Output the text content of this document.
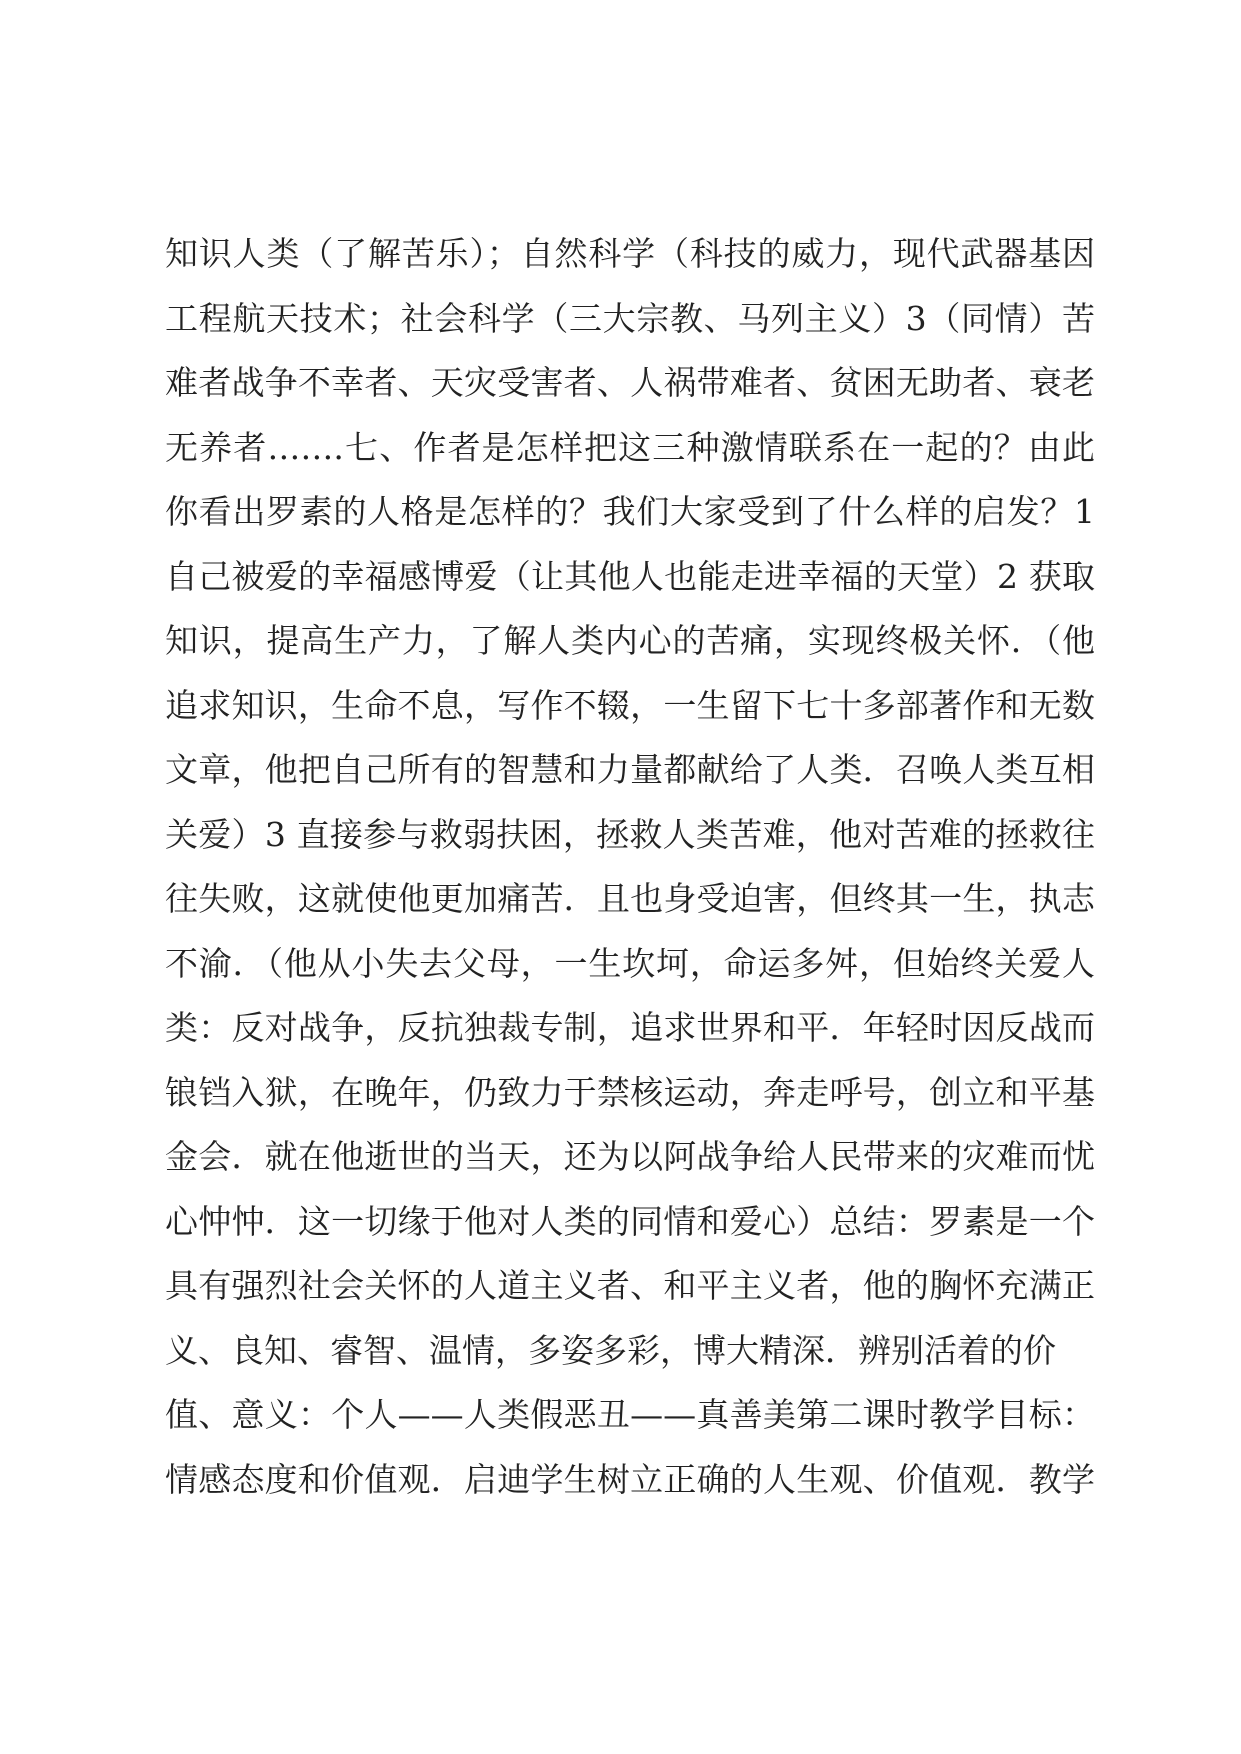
知识人类（了解苦乐）；自然科学（科技的威力，现代武器基因
工程航天技术；社会科学（三大宗教、马列主义）3（同情）苦
难者战争不幸者、天灾受害者、人祸带难者、贫困无助者、衰老
无养者…….七、作者是怎样把这三种激情联系在一起的？由此
你看出罗素的人格是怎样的？我们大家受到了什么样的启发？1
自己被爱的幸福感博爱（让其他人也能走进幸福的天堂）2 获取
知识，提高生产力，了解人类内心的苦痛，实现终极关怀．（他
追求知识，生命不息，写作不辍，一生留下七十多部著作和无数
文章，他把自己所有的智慧和力量都献给了人类．召唤人类互相
关爱）3 直接参与救弱扶困，拯救人类苦难，他对苦难的拯救往
往失败，这就使他更加痛苦．且也身受迫害，但终其一生，执志
不渝．（他从小失去父母，一生坎坷，命运多舛，但始终关爱人
类：反对战争，反抗独裁专制，追求世界和平．年轻时因反战而
锒铛入狱，在晚年，仍致力于禁核运动，奔走呼号，创立和平基
金会．就在他逝世的当天，还为以阿战争给人民带来的灾难而忧
心忡忡．这一切缘于他对人类的同情和爱心）总结：罗素是一个
具有强烈社会关怀的人道主义者、和平主义者，他的胸怀充满正
义、良知、睿智、温情，多姿多彩，博大精深．辨别活着的价
值、意义：个人——人类假恶丑——真善美第二课时教学目标：
情感态度和价值观．启迪学生树立正确的人生观、价值观．教学
